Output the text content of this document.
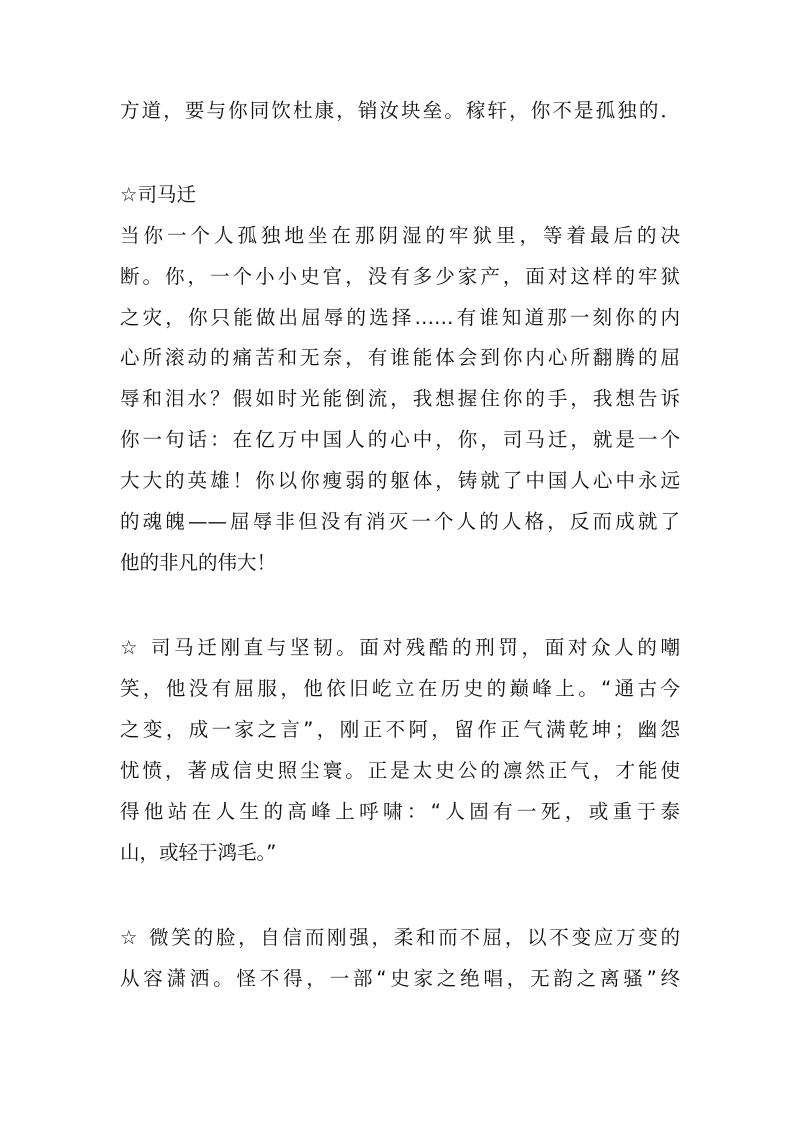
方道，要与你同饮杜康，销汝块垒。稼轩，你不是孤独的．
☆司马迁
当你一个人孤独地坐在那阴湿的牢狱里，等着最后的决
断。你，一个小小史官，没有多少家产，面对这样的牢狱
之灾，你只能做出屈辱的选择……有谁知道那一刻你的内
心所滚动的痛苦和无奈，有谁能体会到你内心所翻腾的屈
辱和泪水？假如时光能倒流，我想握住你的手，我想告诉
你一句话：在亿万中国人的心中，你，司马迁，就是一个
大大的英雄！你以你瘦弱的躯体，铸就了中国人心中永远
的魂魄——屈辱非但没有消灭一个人的人格，反而成就了
他的非凡的伟大！
☆ 司马迁刚直与坚韧。面对残酷的刑罚，面对众人的嘲
笑，他没有屈服，他依旧屹立在历史的巅峰上。“通古今
之变，成一家之言”，刚正不阿，留作正气满乾坤；幽怨
忧愤，著成信史照尘寰。正是太史公的凛然正气，才能使
得他站在人生的高峰上呼啸：“人固有一死，或重于泰
山，或轻于鸿毛。”
☆ 微笑的脸，自信而刚强，柔和而不屈，以不变应万变的
从容潇洒。怪不得，一部“史家之绝唱，无韵之离骚”终
